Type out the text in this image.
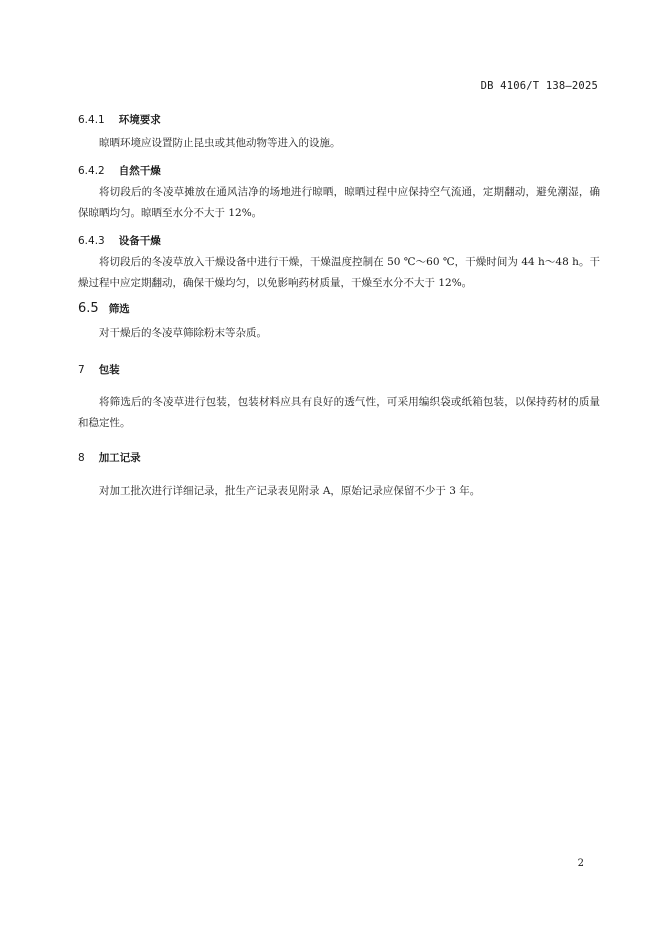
DB 4106/T 138—2025
6.4.1 环境要求
晾晒环境应设置防止昆虫或其他动物等进入的设施。
6.4.2 自然干燥
将切段后的冬凌草摊放在通风洁净的场地进行晾晒，晾晒过程中应保持空气流通，定期翻动，避免潮湿，确保晾晒均匀。晾晒至水分不大于 12%。
6.4.3 设备干燥
将切段后的冬凌草放入干燥设备中进行干燥，干燥温度控制在 50 ℃～60 ℃，干燥时间为 44 h～48 h。干燥过程中应定期翻动，确保干燥均匀，以免影响药材质量，干燥至水分不大于 12%。
6.5 筛选
对干燥后的冬凌草筛除粉末等杂质。
7 包装
将筛选后的冬凌草进行包装，包装材料应具有良好的透气性，可采用编织袋或纸箱包装，以保持药材的质量和稳定性。
8 加工记录
对加工批次进行详细记录，批生产记录表见附录 A，原始记录应保留不少于 3 年。
2
